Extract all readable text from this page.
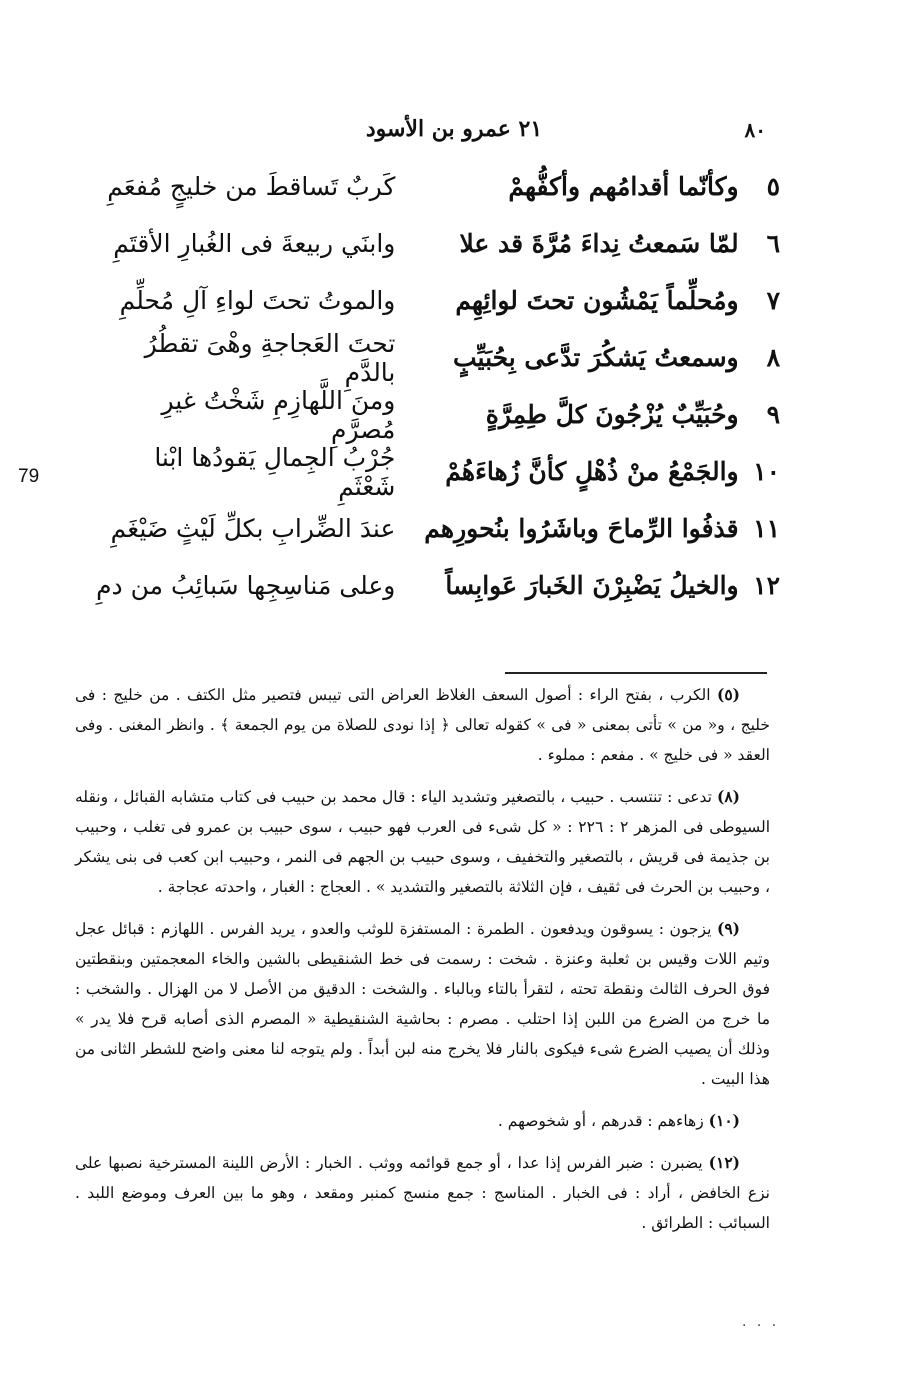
٨٠
٢١ عمرو بن الأسود
79
٥
وكأنّما أقدامُهم وأكفُّهمْ
كَربٌ تَساقطَ من خليجٍ مُفعَمِ
٦
لمّا سَمعتُ نِداءَ مُرَّةَ قد علا
وابنَي ربيعةَ فى الغُبارِ الأقتَمِ
٧
ومُحلِّماً يَمْشُون تحتَ لوائِهِم
والموتُ تحتَ لواءِ آلِ مُحلِّمِ
٨
وسمعتُ يَشكُرَ تدَّعى بِحُبَيِّبٍ
تحتَ العَجاجةِ وهْىَ تقطُرُ بالدَّمِ
٩
وحُبَيِّبٌ يُزْجُونَ كلَّ طِمِرَّةٍ
ومنَ اللَّهازِمِ شَخْتُ غيرِ مُصرَّمِ
١٠
والجَمْعُ منْ ذُهْلٍ كأنَّ زُهاءَهُمْ
جُرْبُ الجِمالِ يَقودُها ابْنا شَعْثَمِ
١١
قذفُوا الرِّماحَ وباشَرُوا بنُحورِهم
عندَ الضِّرابِ بكلِّ لَيْثٍ ضَيْغَمِ
١٢
والخيلُ يَضْبِرْنَ الخَبارَ عَوابِساً
وعلى مَناسِجِها سَبائِبُ من دمِ

(٥) الكرب ، بفتح الراء : أصول السعف الغلاظ العراض التى تيبس فتصير مثل الكتف . من خليج : فى خليج ، و« من » تأتى بمعنى « فى » كقوله تعالى ﴿ إذا نودى للصلاة من يوم الجمعة ﴾ . وانظر المغنى . وفى العقد « فى خليج » . مفعم : مملوء .

(٨) تدعى : تنتسب . حبيب ، بالتصغير وتشديد الياء : قال محمد بن حبيب فى كتاب متشابه القبائل ، ونقله السيوطى فى المزهر ٢ : ٢٢٦ : « كل شىء فى العرب فهو حبيب ، سوى حبيب بن عمرو فى تغلب ، وحبيب بن جذيمة فى قريش ، بالتصغير والتخفيف ، وسوى حبيب بن الجهم فى النمر ، وحبيب ابن كعب فى بنى يشكر ، وحبيب بن الحرث فى ثقيف ، فإن الثلاثة بالتصغير والتشديد » . العجاج : الغبار ، واحدته عجاجة .

(٩) يزجون : يسوقون ويدفعون . الطمرة : المستفزة للوثب والعدو ، يريد الفرس . اللهازم : قبائل عجل وتيم اللات وقيس بن ثعلبة وعنزة . شخت : رسمت فى خط الشنقيطى بالشين والخاء المعجمتين وبنقطتين فوق الحرف الثالث ونقطة تحته ، لتقرأ بالتاء وبالباء . والشخت : الدقيق من الأصل لا من الهزال . والشخب : ما خرج من الضرع من اللبن إذا احتلب . مصرم : بحاشية الشنقيطية « المصرم الذى أصابه قرح فلا يدر » وذلك أن يصيب الضرع شىء فيكوى بالنار فلا يخرج منه لبن أبداً . ولم يتوجه لنا معنى واضح للشطر الثانى من هذا البيت .

(١٠) زهاءهم : قدرهم ، أو شخوصهم .

(١٢) يضبرن : ضبر الفرس إذا عدا ، أو جمع قوائمه ووثب . الخبار : الأرض اللينة المسترخية نصبها على نزع الخافض ، أراد : فى الخبار . المناسج : جمع منسج كمنبر ومقعد ، وهو ما بين العرف وموضع اللبد . السبائب : الطرائق .

· · ·
